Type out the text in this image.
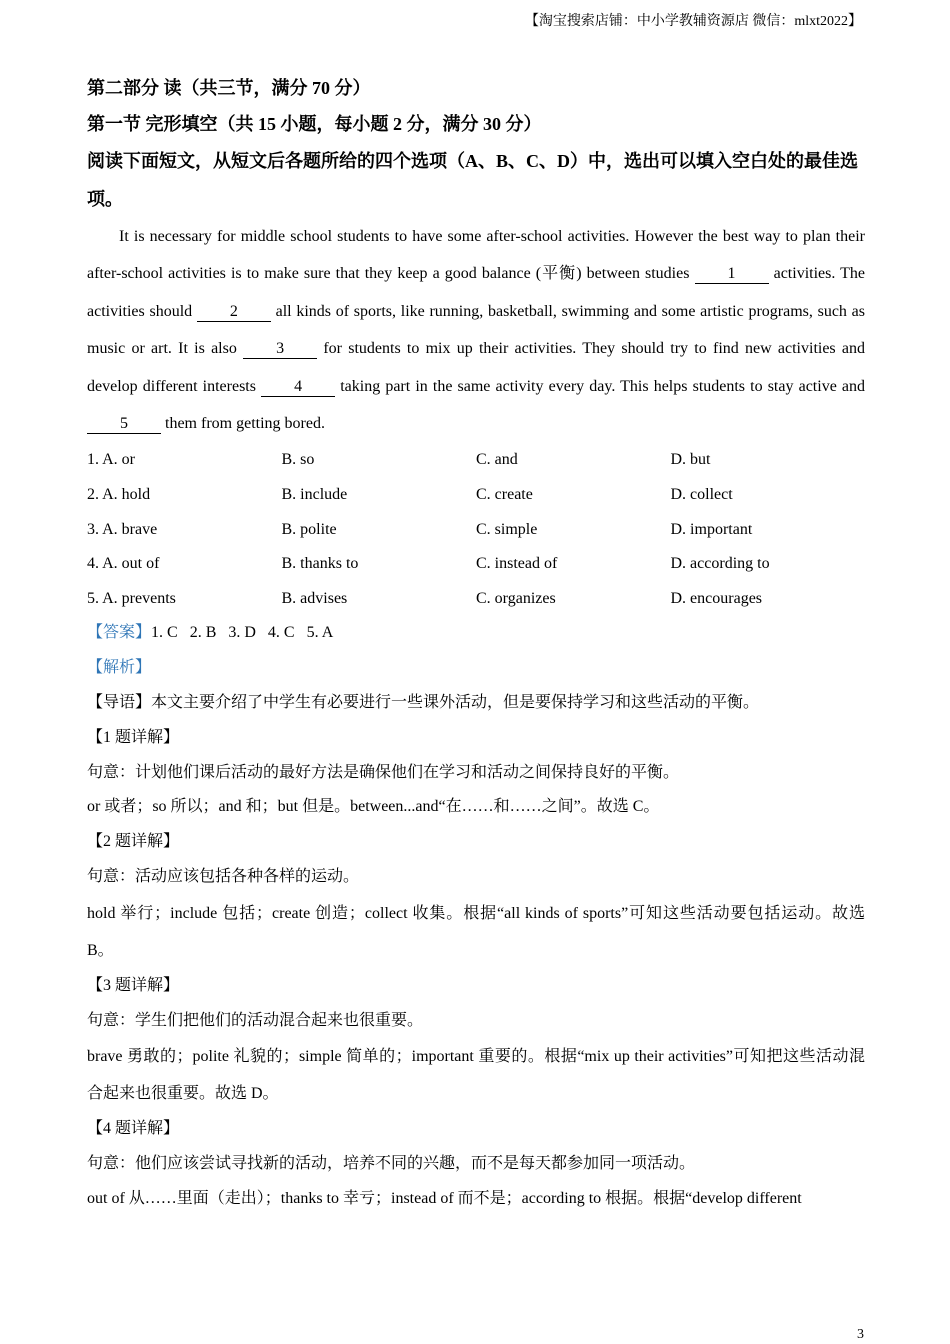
【淘宝搜索店铺：中小学教辅资源店 微信：mlxt2022】
第二部分 读（共三节，满分 70 分）
第一节 完形填空（共 15 小题，每小题 2 分，满分 30 分）
阅读下面短文，从短文后各题所给的四个选项（A、B、C、D）中，选出可以填入空白处的最佳选项。
It is necessary for middle school students to have some after-school activities. However the best way to plan their after-school activities is to make sure that they keep a good balance (平衡) between studies 1 activities. The activities should 2 all kinds of sports, like running, basketball, swimming and some artistic programs, such as music or art. It is also 3 for students to mix up their activities. They should try to find new activities and develop different interests 4 taking part in the same activity every day. This helps students to stay active and 5 them from getting bored.
1. A. or	B. so	C. and	D. but
2. A. hold	B. include	C. create	D. collect
3. A. brave	B. polite	C. simple	D. important
4. A. out of	B. thanks to	C. instead of	D. according to
5. A. prevents	B. advises	C. organizes	D. encourages
【答案】1. C 2. B 3. D 4. C 5. A
【解析】
【导语】本文主要介绍了中学生有必要进行一些课外活动，但是要保持学习和这些活动的平衡。
【1 题详解】
句意：计划他们课后活动的最好方法是确保他们在学习和活动之间保持良好的平衡。
or 或者；so 所以；and 和；but 但是。between...and“在……和……之间”。故选 C。
【2 题详解】
句意：活动应该包括各种各样的运动。
hold 举行；include 包括；create 创造；collect 收集。根据“all kinds of sports”可知这些活动要包括运动。故选 B。
【3 题详解】
句意：学生们把他们的活动混合起来也很重要。
brave 勇敢的；polite 礼貌的；simple 简单的；important 重要的。根据“mix up their activities”可知把这些活动混合起来也很重要。故选 D。
【4 题详解】
句意：他们应该尝试寻找新的活动，培养不同的兴趣，而不是每天都参加同一项活动。
out of 从……里面（走出）；thanks to 幸亏；instead of 而不是；according to 根据。根据“develop different
3
